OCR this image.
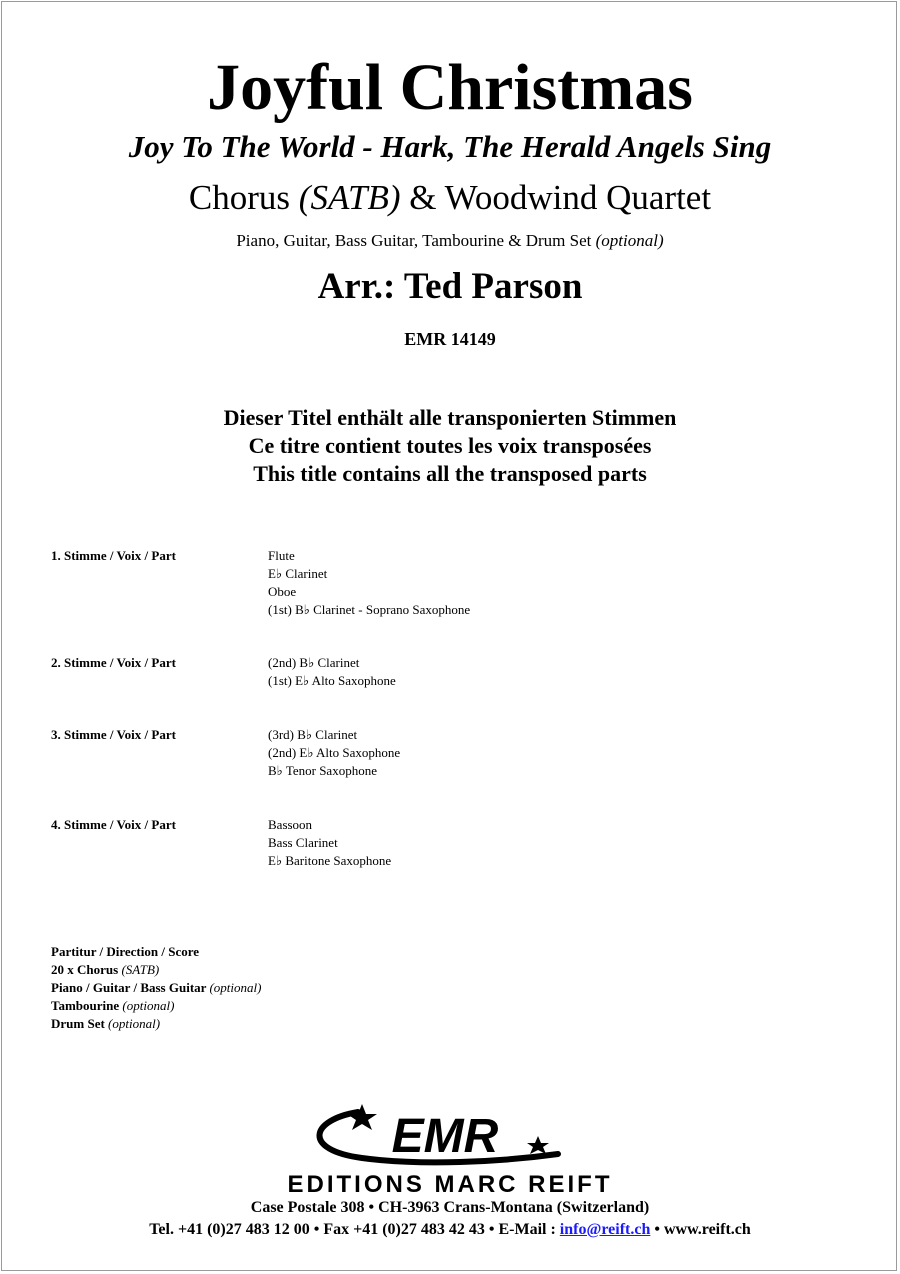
Joyful Christmas
Joy To The World - Hark, The Herald Angels Sing
Chorus (SATB) & Woodwind Quartet
Piano, Guitar, Bass Guitar, Tambourine & Drum Set (optional)
Arr.: Ted Parson
EMR 14149
Dieser Titel enthält alle transponierten Stimmen
Ce titre contient toutes les voix transposées
This title contains all the transposed parts
1. Stimme / Voix / Part	Flute
E♭ Clarinet
Oboe
(1st) B♭ Clarinet - Soprano Saxophone
2. Stimme / Voix / Part	(2nd) B♭ Clarinet
(1st) E♭ Alto Saxophone
3. Stimme / Voix / Part	(3rd) B♭ Clarinet
(2nd) E♭ Alto Saxophone
B♭ Tenor Saxophone
4. Stimme / Voix / Part	Bassoon
Bass Clarinet
E♭ Baritone Saxophone
Partitur / Direction / Score
20 x Chorus (SATB)
Piano / Guitar / Bass Guitar (optional)
Tambourine (optional)
Drum Set (optional)
EMR
EDITIONS MARC REIFT
Case Postale 308 • CH-3963 Crans-Montana (Switzerland)
Tel. +41 (0)27 483 12 00 • Fax +41 (0)27 483 42 43 • E-Mail : info@reift.ch • www.reift.ch
